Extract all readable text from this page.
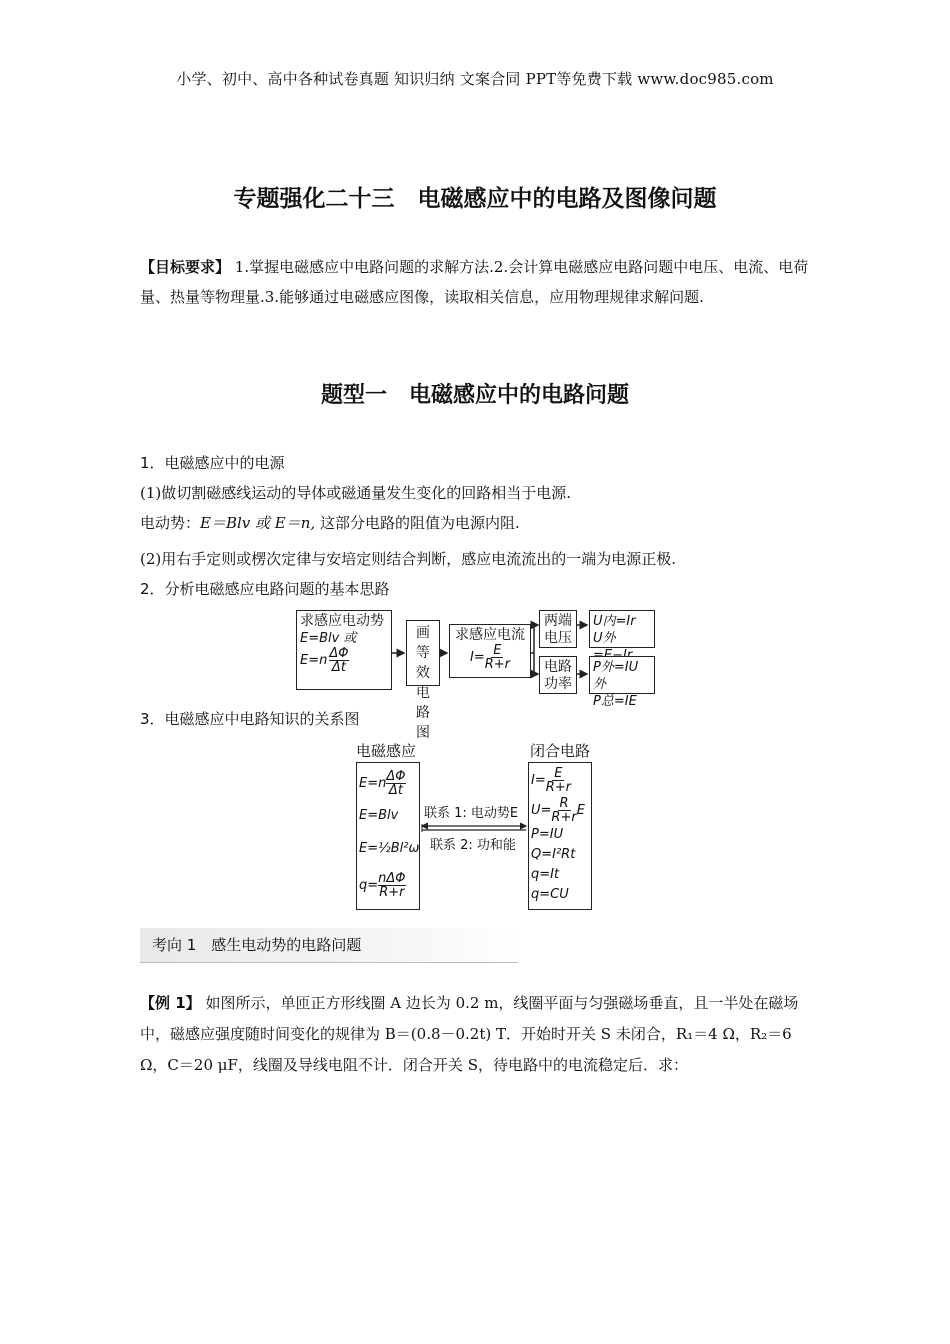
小学、初中、高中各种试卷真题 知识归纳 文案合同 PPT等免费下载 www.doc985.com
专题强化二十三　电磁感应中的电路及图像问题
【目标要求】 1.掌握电磁感应中电路问题的求解方法.2.会计算电磁感应电路问题中电压、电流、电荷量、热量等物理量.3.能够通过电磁感应图像，读取相关信息，应用物理规律求解问题.
题型一　电磁感应中的电路问题
1．电磁感应中的电源
(1)做切割磁感线运动的导体或磁通量发生变化的回路相当于电源.
电动势：E＝Blv 或 E＝n, 这部分电路的阻值为电源内阻.
(2)用右手定则或楞次定律与安培定则结合判断，感应电流流出的一端为电源正极.
2．分析电磁感应电路问题的基本思路
求感应电动势
E=Blv 或
$E=n \frac{\Delta\Phi}{\Delta t}$
画等
效电
路图
求感应电流
$I= \frac{E}{R+r}$
两端
电压
U内=Ir
U外
电路
功率
P外=IU外
P总=IE
3．电磁感应中电路知识的关系图
电磁感应	闭合电路
$E=n \frac{\Delta\Phi}{\Delta t}$
E=Blv
E=½Bl²ω
q= nΔΦ
R+r
联系 1: 电动势E
联系 2: 功和能
$I= \frac{E}{R+r}$
$U= \frac{R}{R+r}$ E
P=IU
Q=I²Rt
q=It
q=CU
考向 1　感生电动势的电路问题
【例 1】 如图所示，单匝正方形线圈 A 边长为 0.2 m，线圈平面与匀强磁场垂直，且一半处在磁场中，磁感应强度随时间变化的规律为 B＝(0.8－0.2t) T．开始时开关 S 未闭合，R₁＝4 Ω，R₂＝6 Ω，C＝20 μF，线圈及导线电阻不计．闭合开关 S，待电路中的电流稳定后．求：
